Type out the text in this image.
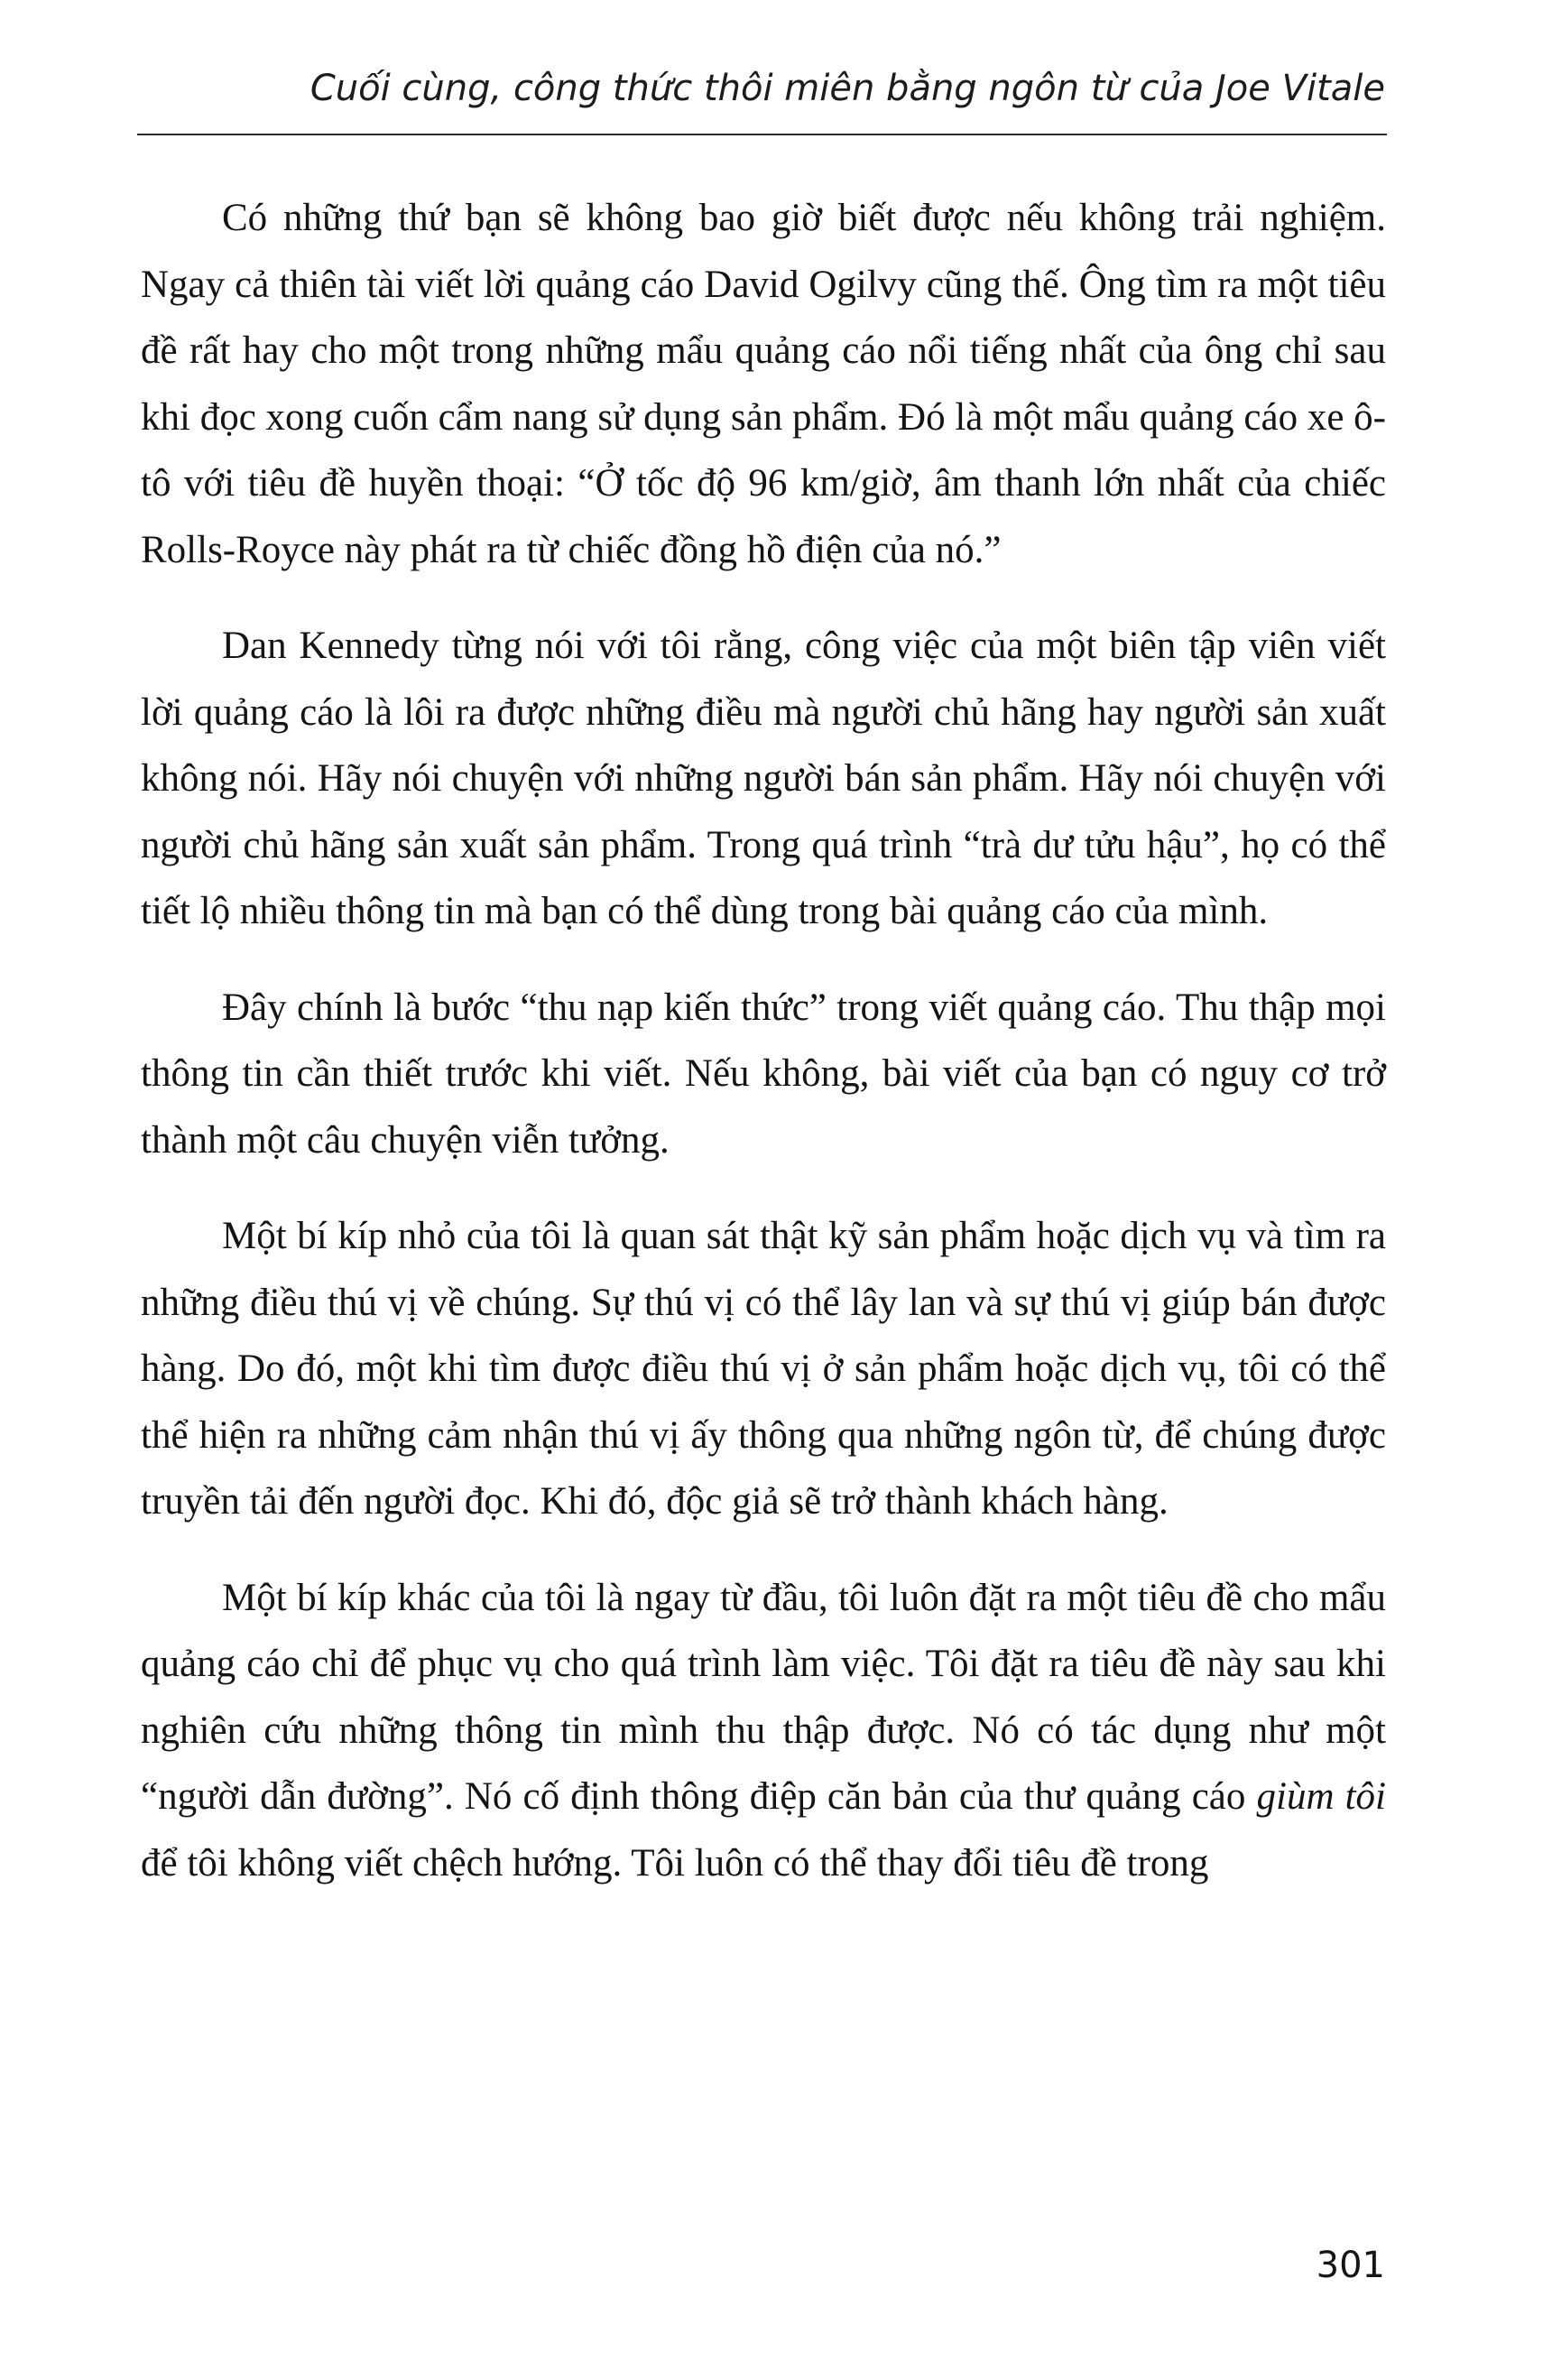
Cuối cùng, công thức thôi miên bằng ngôn từ của Joe Vitale

Có những thứ bạn sẽ không bao giờ biết được nếu không trải nghiệm. Ngay cả thiên tài viết lời quảng cáo David Ogilvy cũng thế. Ông tìm ra một tiêu đề rất hay cho một trong những mẩu quảng cáo nổi tiếng nhất của ông chỉ sau khi đọc xong cuốn cẩm nang sử dụng sản phẩm. Đó là một mẩu quảng cáo xe ô-tô với tiêu đề huyền thoại: “Ở tốc độ 96 km/giờ, âm thanh lớn nhất của chiếc Rolls-Royce này phát ra từ chiếc đồng hồ điện của nó.”

Dan Kennedy từng nói với tôi rằng, công việc của một biên tập viên viết lời quảng cáo là lôi ra được những điều mà người chủ hãng hay người sản xuất không nói. Hãy nói chuyện với những người bán sản phẩm. Hãy nói chuyện với người chủ hãng sản xuất sản phẩm. Trong quá trình “trà dư tửu hậu”, họ có thể tiết lộ nhiều thông tin mà bạn có thể dùng trong bài quảng cáo của mình.

Đây chính là bước “thu nạp kiến thức” trong viết quảng cáo. Thu thập mọi thông tin cần thiết trước khi viết. Nếu không, bài viết của bạn có nguy cơ trở thành một câu chuyện viễn tưởng.

Một bí kíp nhỏ của tôi là quan sát thật kỹ sản phẩm hoặc dịch vụ và tìm ra những điều thú vị về chúng. Sự thú vị có thể lây lan và sự thú vị giúp bán được hàng. Do đó, một khi tìm được điều thú vị ở sản phẩm hoặc dịch vụ, tôi có thể thể hiện ra những cảm nhận thú vị ấy thông qua những ngôn từ, để chúng được truyền tải đến người đọc. Khi đó, độc giả sẽ trở thành khách hàng.

Một bí kíp khác của tôi là ngay từ đầu, tôi luôn đặt ra một tiêu đề cho mẩu quảng cáo chỉ để phục vụ cho quá trình làm việc. Tôi đặt ra tiêu đề này sau khi nghiên cứu những thông tin mình thu thập được. Nó có tác dụng như một “người dẫn đường”. Nó cố định thông điệp căn bản của thư quảng cáo giùm tôi để tôi không viết chệch hướng. Tôi luôn có thể thay đổi tiêu đề trong

301
